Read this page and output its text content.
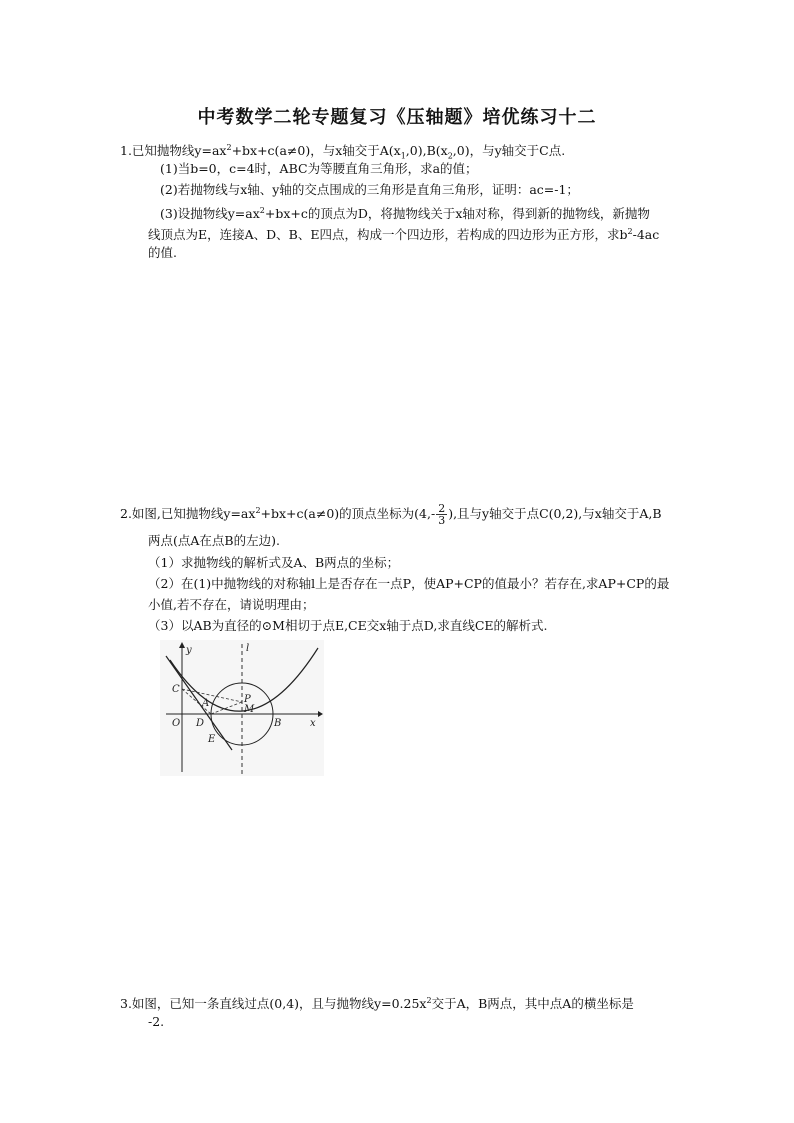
中考数学二轮专题复习《压轴题》培优练习十二
1.已知抛物线$y=ax^2+bx+c(a\ne 0)$，与x轴交于$A(x_1,0),B(x_2,0)$，与y轴交于C点.
(1)当b=0，c=4时，ABC为等腰直角三角形，求a的值；
(2)若抛物线与x轴、y轴的交点围成的三角形是直角三角形，证明：ac=-1；
(3)设抛物线$y=ax^2+bx+c$的顶点为D，将抛物线关于x轴对称，得到新的抛物线，新抛物
线顶点为E，连接A、D、B、E四点，构成一个四边形，若构成的四边形为正方形，求$b^2-4ac$
的值.
2.如图,已知抛物线$y=ax^2+bx+c(a\ne 0)$的顶点坐标为($4,- \frac{2}{3}$ ),且与y轴交于点C(0,2),与x轴交于A,B
两点(点A在点B的左边).
（1）求抛物线的解析式及A、B两点的坐标；
（2）在(1)中抛物线的对称轴l上是否存在一点P，使AP+CP的值最小？若存在,求AP+CP的最
小值,若不存在，请说明理由；
（3）以AB为直径的⊙M相切于点E,CE交x轴于点D,求直线CE的解析式.
y	l
C
A	P
M
O D	B	x
E
3.如图，已知一条直线过点(0,4)，且与抛物线$y=0.25x^2$交于A，B两点，其中点A的横坐标是
-2.
